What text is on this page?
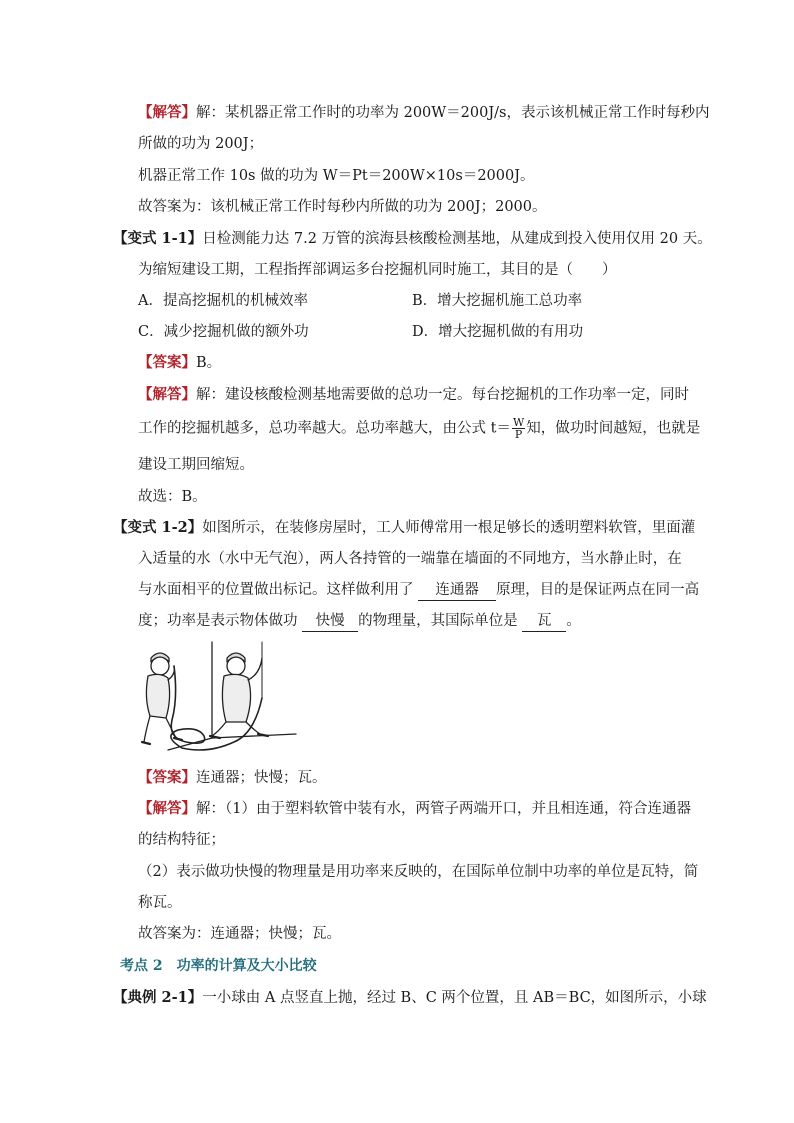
【解答】解：某机器正常工作时的功率为 200W＝200J/s，表示该机械正常工作时每秒内
所做的功为 200J；
机器正常工作 10s 做的功为 W＝Pt＝200W×10s＝2000J。
故答案为：该机械正常工作时每秒内所做的功为 200J；2000。
【变式 1-1】日检测能力达 7.2 万管的滨海县核酸检测基地，从建成到投入使用仅用 20 天。
为缩短建设工期，工程指挥部调运多台挖掘机同时施工，其目的是（　　）
A．提高挖掘机的机械效率	B．增大挖掘机施工总功率
C．减少挖掘机做的额外功	D．增大挖掘机做的有用功
【答案】B。
【解答】解：建设核酸检测基地需要做的总功一定。每台挖掘机的工作功率一定，同时
工作的挖掘机越多，总功率越大。总功率越大，由公式 $t= \frac{W}{P}$ 知，做功时间越短，也就是
建设工期回缩短。
故选：B。
【变式 1-2】如图所示，在装修房屋时，工人师傅常用一根足够长的透明塑料软管，里面灌
入适量的水（水中无气泡），两人各持管的一端靠在墙面的不同地方，当水静止时，在
与水面相平的位置做出标记。这样做利用了 连通器 原理，目的是保证两点在同一高
度；功率是表示物体做功 快慢 的物理量，其国际单位是 瓦 。
【答案】连通器；快慢；瓦。
【解答】解：（1）由于塑料软管中装有水，两管子两端开口，并且相连通，符合连通器
的结构特征；
（2）表示做功快慢的物理量是用功率来反映的，在国际单位制中功率的单位是瓦特，简
称瓦。
故答案为：连通器；快慢；瓦。
考点 2  功率的计算及大小比较
【典例 2-1】一小球由 A 点竖直上抛，经过 B、C 两个位置，且 AB＝BC，如图所示，小球
